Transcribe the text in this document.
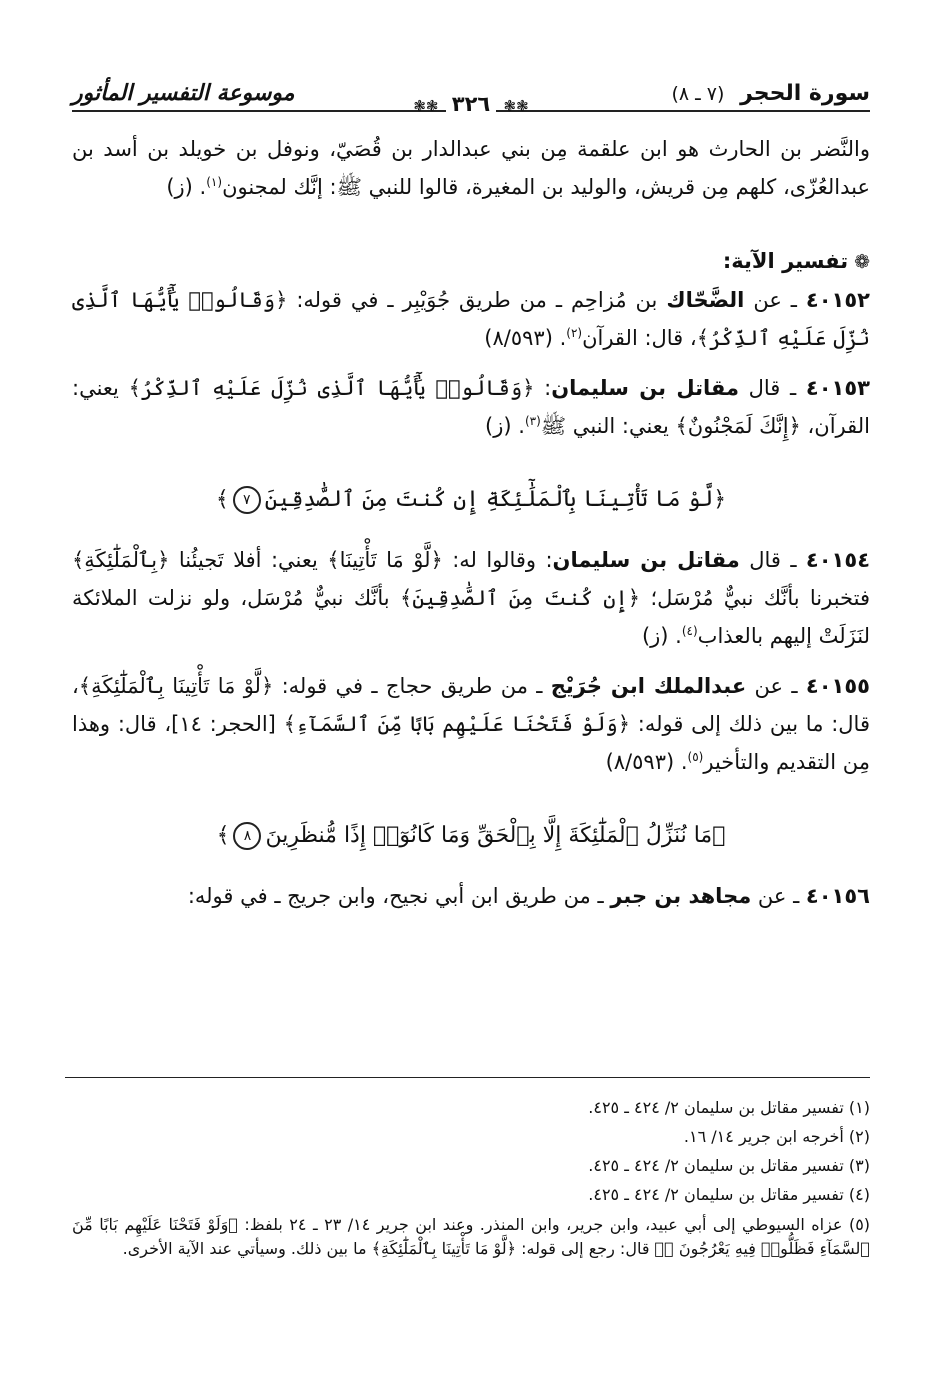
سورة الحجر (٧ ـ ٨)
موسوعة التفسير المأثور	❃❃ ٣٢٦ ❃❃

والنَّضر بن الحارث هو ابن علقمة مِن بني عبدالدار بن قُصَيّ، ونوفل بن خويلد بن أسد بن عبدالعُزّى، كلهم مِن قريش، والوليد بن المغيرة، قالوا للنبي ﷺ: إنَّك لمجنون$^{(١)}$. (ز)

❁تفسير الآية:

٤٠١٥٢ ـ عن الضَّحّاك بن مُزاحِم ـ من طريق جُوَيْبِر ـ في قوله: ﴿وَقَالُوا۟ يَٰٓأَيُّهَا ٱلَّذِى نُزِّلَ عَلَيْهِ ٱلذِّكْرُ﴾، قال: القرآن$^{(٢)}$. (٨/٥٩٣)

٤٠١٥٣ ـ قال مقاتل بن سليمان: ﴿وَقَالُوا۟ يَٰٓأَيُّهَا ٱلَّذِى نُزِّلَ عَلَيْهِ ٱلذِّكْرُ﴾ يعني: القرآن، ﴿إِنَّكَ لَمَجْنُونٌ﴾ يعني: النبي ﷺ$^{(٣)}$. (ز)

﴿لَّوْ مَا تَأْتِينَا بِٱلْمَلَٰٓئِكَةِ إِن كُنتَ مِنَ ٱلصَّٰدِقِينَ٧﴾

٤٠١٥٤ ـ قال مقاتل بن سليمان: وقالوا له: ﴿لَّوْ مَا تَأْتِينَا﴾ يعني: أفلا تَجيئُنا ﴿بِٱلْمَلَٰٓئِكَةِ﴾ فتخبرنا بأنَّك نبيٌّ مُرْسَل؛ ﴿إِن كُنتَ مِنَ ٱلصَّٰدِقِينَ﴾ بأنَّك نبيٌّ مُرْسَل، ولو نزلت الملائكة لنَزَلَتْ إليهم بالعذاب$^{(٤)}$. (ز)

٤٠١٥٥ ـ عن عبدالملك ابن جُرَيْج ـ من طريق حجاج ـ في قوله: ﴿لَّوْ مَا تَأْتِينَا بِٱلْمَلَٰٓئِكَةِ﴾، قال: ما بين ذلك إلى قوله: ﴿وَلَوْ فَتَحْنَا عَلَيْهِم بَابًا مِّنَ ٱلسَّمَآءِ﴾ [الحجر: ١٤]، قال: وهذا مِن التقديم والتأخير$^{(٥)}$. (٨/٥٩٣)

﴿مَا نُنَزِّلُ ٱلْمَلَٰٓئِكَةَ إِلَّا بِٱلْحَقِّ وَمَا كَانُوٓا۟ إِذًا مُّنظَرِينَ٨﴾

٤٠١٥٦ ـ عن مجاهد بن جبر ـ من طريق ابن أبي نجيح، وابن جريج ـ في قوله:

(١) تفسير مقاتل بن سليمان ٢/ ٤٢٤ ـ ٤٢٥.

(٢) أخرجه ابن جرير ١٤/ ١٦.

(٣) تفسير مقاتل بن سليمان ٢/ ٤٢٤ ـ ٤٢٥.

(٤) تفسير مقاتل بن سليمان ٢/ ٤٢٤ ـ ٤٢٥.

(٥) عزاه السيوطي إلى أبي عبيد، وابن جرير، وابن المنذر. وعند ابن جرير ١٤/ ٢٣ ـ ٢٤ بلفظ: ﴿وَلَوْ فَتَحْنَا عَلَيْهِم بَابًا مِّنَ ٱلسَّمَآءِ فَظَلُّوا۟ فِيهِ يَعْرُجُونَ ⑭﴾ قال: رجع إلى قوله: ﴿لَّوْ مَا تَأْتِينَا بِٱلْمَلَٰٓئِكَةِ﴾ ما بين ذلك. وسيأتي عند الآية الأخرى.
